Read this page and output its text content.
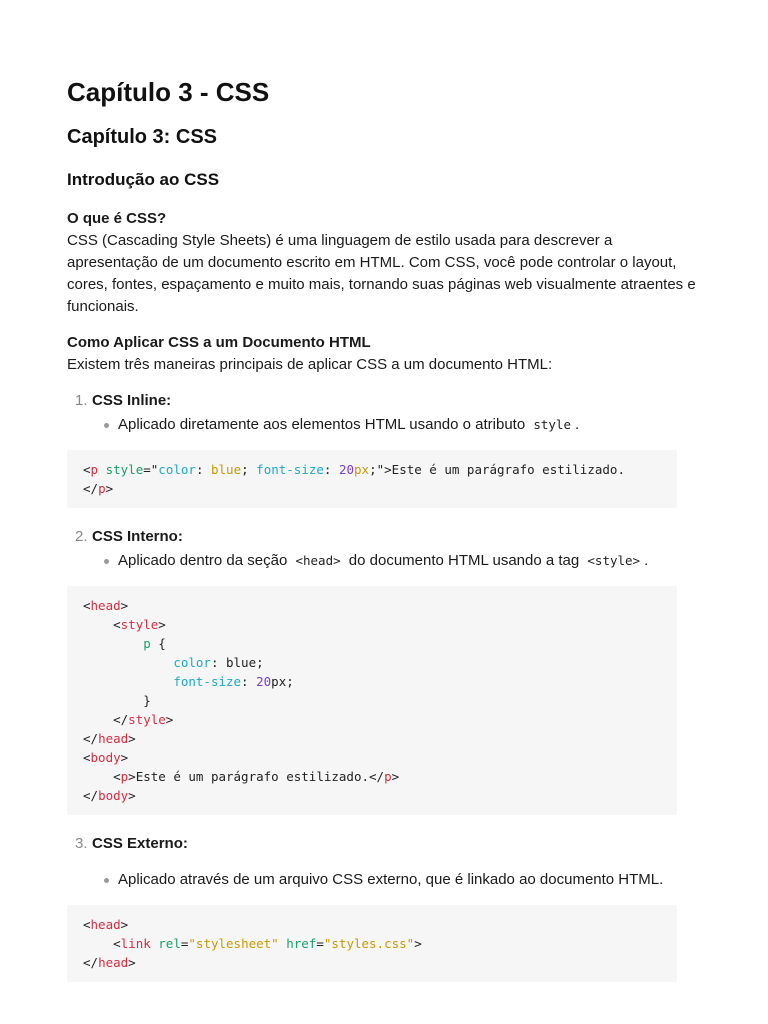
Capítulo 3 - CSS
Capítulo 3: CSS
Introdução ao CSS

O que é CSS?

CSS (Cascading Style Sheets) é uma linguagem de estilo usada para descrever a apresentação de um documento escrito em HTML. Com CSS, você pode controlar o layout, cores, fontes, espaçamento e muito mais, tornando suas páginas web visualmente atraentes e funcionais.

Como Aplicar CSS a um Documento HTML

Existem três maneiras principais de aplicar CSS a um documento HTML:

1. CSS Inline:
Aplicado diretamente aos elementos HTML usando o atributo style .
<p style="color: blue; font-size: 20px;">Este é um parágrafo estilizado.
</p>
2. CSS Interno:
Aplicado dentro da seção <head> do documento HTML usando a tag <style> .
<head>
<style>
p {
color: blue;
font-size: 20px;
}
</style>
</head>
<body>
<p>Este é um parágrafo estilizado.</p>
</body>
3. CSS Externo:
Aplicado através de um arquivo CSS externo, que é linkado ao documento HTML.
<head>
<link rel="stylesheet" href="styles.css">
</head>
